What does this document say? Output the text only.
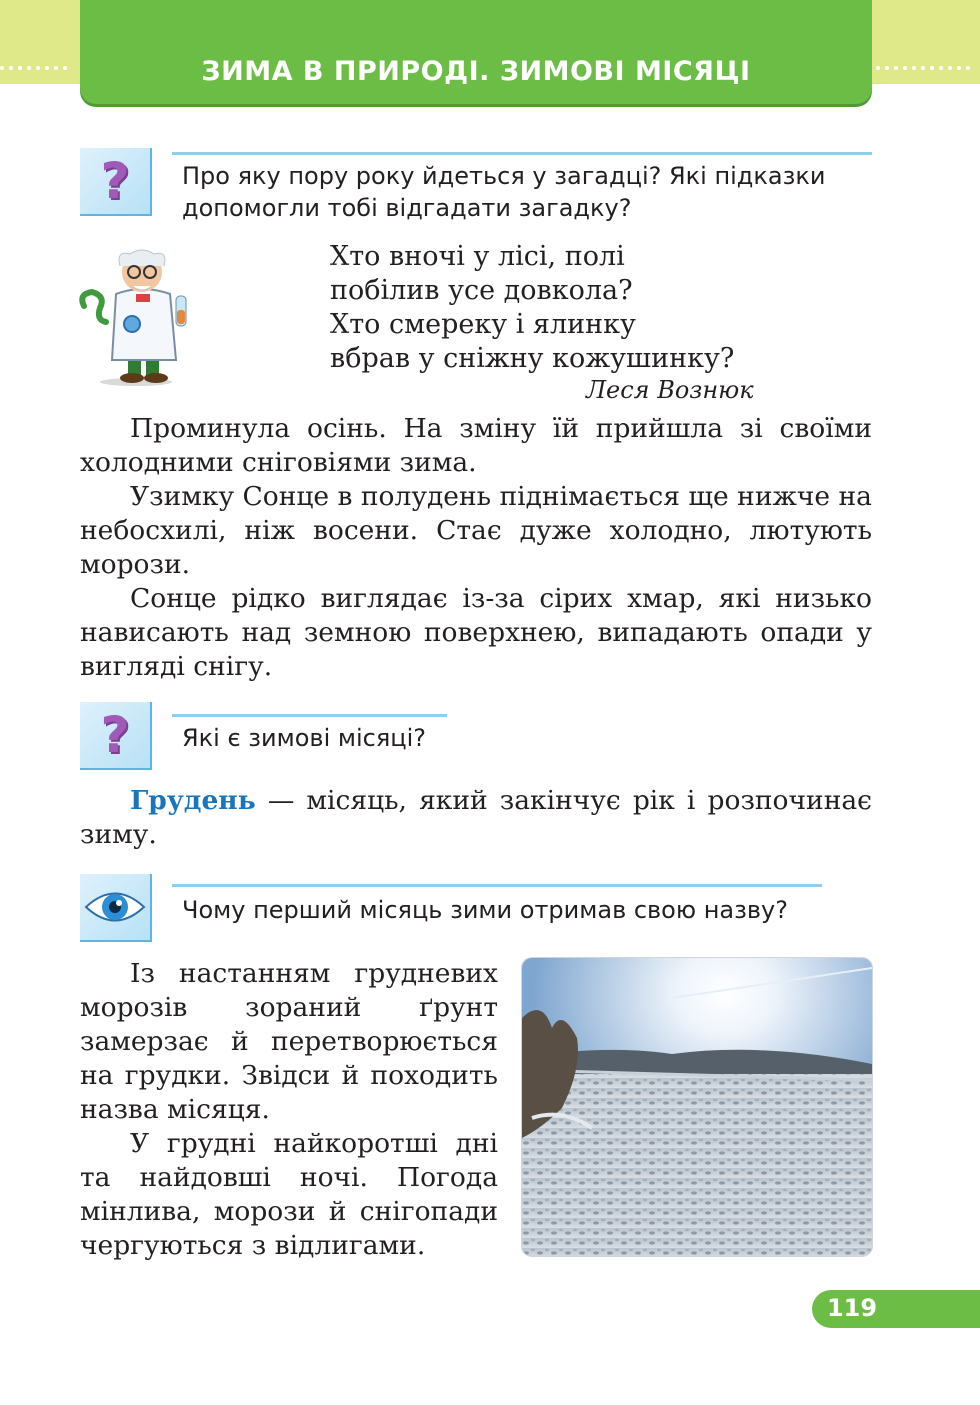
ЗИМА В ПРИРОДІ. ЗИМОВІ МІСЯЦІ
?	Про яку пору року йдеться у загадці? Які підказки
допомогли тобі відгадати загадку?
Хто вночі у лісі, полі
побілив усе довкола?
Хто смереку і ялинку
вбрав у сніжну кожушинку?
Леся Вознюк

Проминула осінь. На зміну їй прийшла зі своїми холодними сніговіями зима.

Узимку Сонце в полудень піднімається ще нижче на небосхилі, ніж восени. Стає дуже холодно, лютують морози.

Сонце рідко виглядає із-за сірих хмар, які низько нависають над земною поверхнею, випадають опади у вигляді снігу.

?	Які є зимові місяці?

Грудень — місяць, який закінчує рік і розпочинає зиму.

Чому перший місяць зими отримав свою назву?

Із настанням грудневих морозів зораний ґрунт замерзає й перетворюється на грудки. Звідси й походить назва місяця.

У грудні найкоротші дні та найдовші ночі. Погода мінлива, морози й снігопади чергуються з відлигами.

119
